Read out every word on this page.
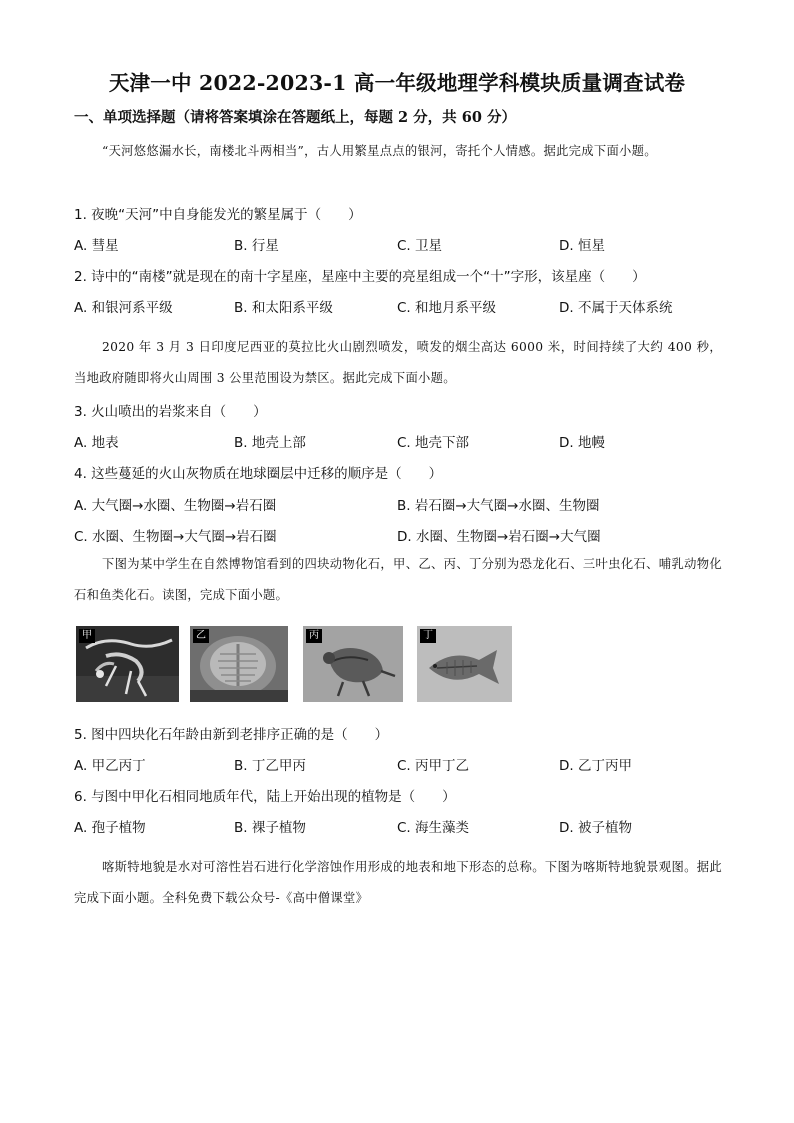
天津一中 2022-2023-1 高一年级地理学科模块质量调查试卷
一、单项选择题（请将答案填涂在答题纸上，每题 2 分，共 60 分）
“天河悠悠漏水长，南楼北斗两相当”，古人用繁星点点的银河，寄托个人情感。据此完成下面小题。
1. 夜晚“天河”中自身能发光的繁星属于（　　）
A. 彗星	B. 行星	C. 卫星	D. 恒星
2. 诗中的“南楼”就是现在的南十字星座，星座中主要的亮星组成一个“十”字形，该星座（　　）
A. 和银河系平级	B. 和太阳系平级	C. 和地月系平级	D. 不属于天体系统
2020 年 3 月 3 日印度尼西亚的莫拉比火山剧烈喷发，喷发的烟尘高达 6000 米，时间持续了大约 400 秒，当地政府随即将火山周围 3 公里范围设为禁区。据此完成下面小题。
3. 火山喷出的岩浆来自（　　）
A. 地表	B. 地壳上部	C. 地壳下部	D. 地幔
4. 这些蔓延的火山灰物质在地球圈层中迁移的顺序是（　　）
A. 大气圈→水圈、生物圈→岩石圈	B. 岩石圈→大气圈→水圈、生物圈
C. 水圈、生物圈→大气圈→岩石圈	D. 水圈、生物圈→岩石圈→大气圈
下图为某中学生在自然博物馆看到的四块动物化石，甲、乙、丙、丁分别为恐龙化石、三叶虫化石、哺乳动物化石和鱼类化石。读图，完成下面小题。
甲	乙	丙	丁
5. 图中四块化石年龄由新到老排序正确的是（　　）
A. 甲乙丙丁	B. 丁乙甲丙	C. 丙甲丁乙	D. 乙丁丙甲
6. 与图中甲化石相同地质年代，陆上开始出现的植物是（　　）
A. 孢子植物	B. 裸子植物	C. 海生藻类	D. 被子植物
喀斯特地貌是水对可溶性岩石进行化学溶蚀作用形成的地表和地下形态的总称。下图为喀斯特地貌景观图。据此完成下面小题。全科免费下载公众号-《高中僧课堂》
